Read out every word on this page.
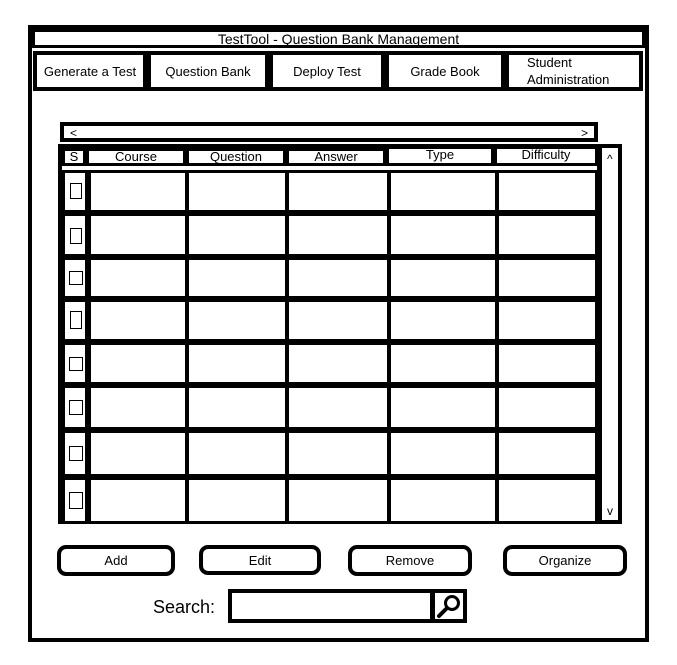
TestTool - Question Bank Management
Generate a Test	Question Bank	Deploy Test	Grade Book
Student Administration
<	>
^
v
S	Course	Question	Answer	Type	Difficulty
Add	Edit	Remove	Organize
Search:
